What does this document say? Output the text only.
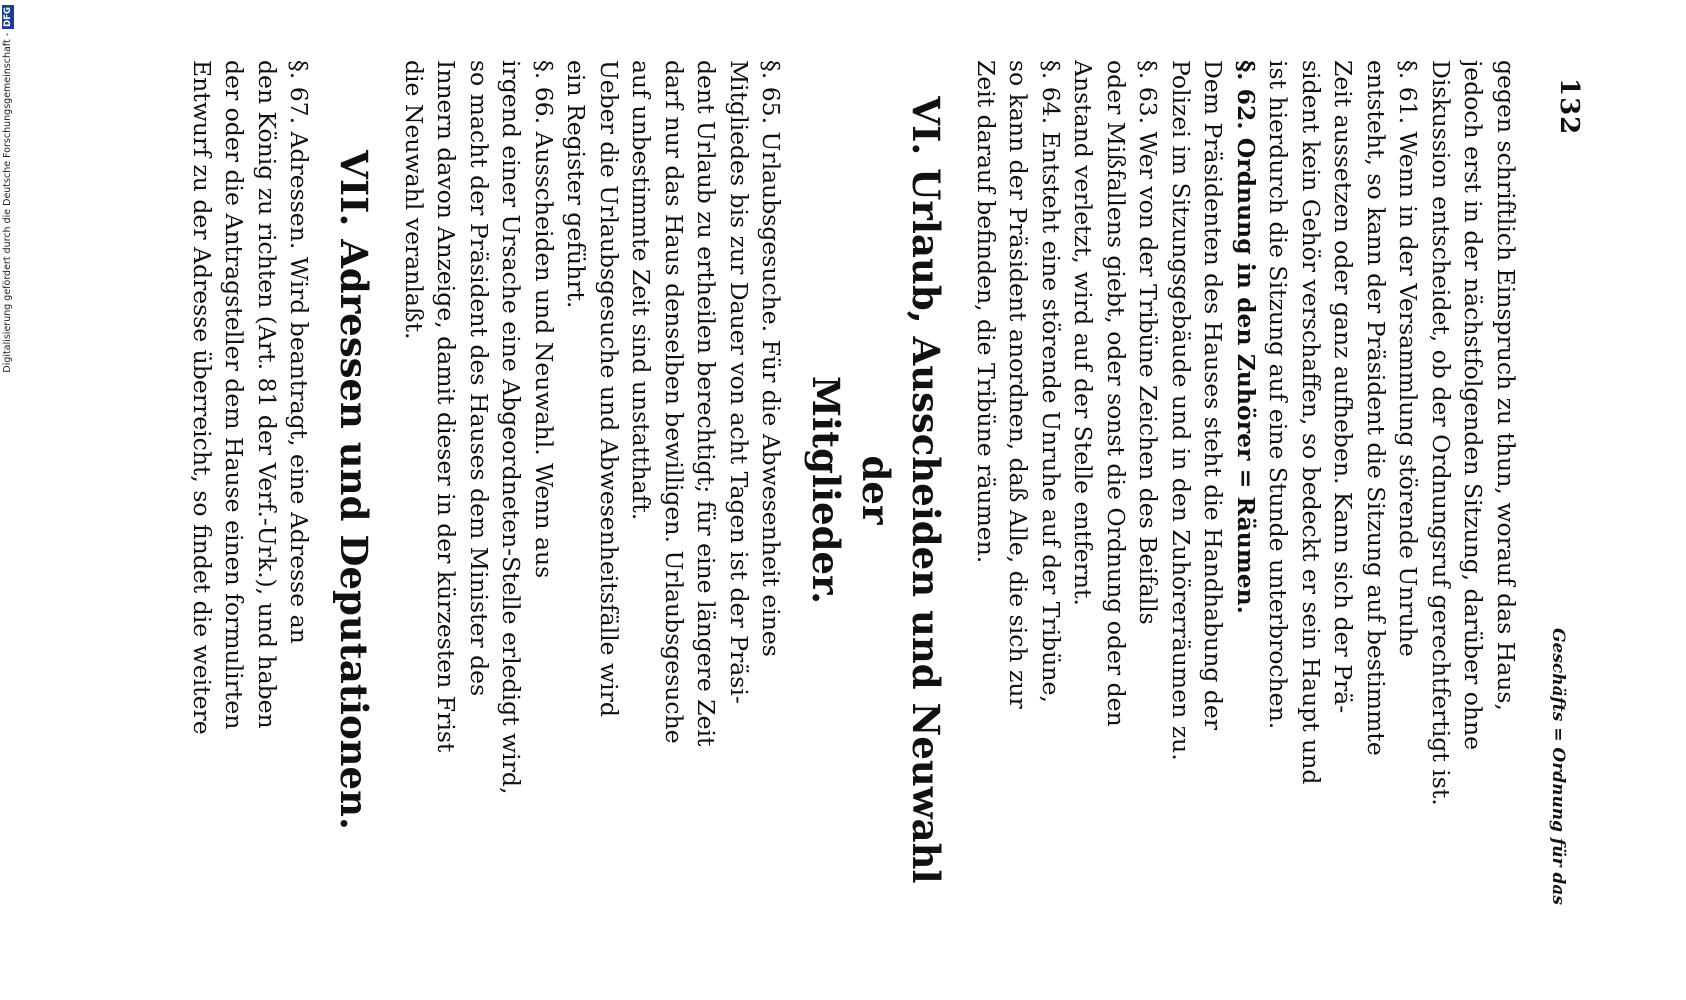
Digitalisierung gefördert durch die Deutsche Forschungsgemeinschaft -DFG
132
Geschäfts = Ordnung für das
gegen schriftlich Einspruch zu thun, worauf das Haus,
jedoch erst in der nächstfolgenden Sitzung, darüber ohne
Diskussion entscheidet, ob der Ordnungsruf gerechtfertigt ist.
§. 61. Wenn in der Versammlung störende Unruhe
entsteht, so kann der Präsident die Sitzung auf bestimmte
Zeit aussetzen oder ganz aufheben. Kann sich der Prä-
sident kein Gehör verschaffen, so bedeckt er sein Haupt und
ist hierdurch die Sitzung auf eine Stunde unterbrochen.
§. 62. Ordnung in den Zuhörer = Räumen.
Dem Präsidenten des Hauses steht die Handhabung der
Polizei im Sitzungsgebäude und in den Zuhörerräumen zu.
§. 63. Wer von der Tribüne Zeichen des Beifalls
oder Mißfallens giebt, oder sonst die Ordnung oder den
Anstand verletzt, wird auf der Stelle entfernt.
§. 64. Entsteht eine störende Unruhe auf der Tribüne,
so kann der Präsident anordnen, daß Alle, die sich zur
Zeit darauf befinden, die Tribüne räumen.
VI. Urlaub, Ausscheiden und Neuwahl der
Mitglieder.
§. 65. Urlaubsgesuche. Für die Abwesenheit eines
Mitgliedes bis zur Dauer von acht Tagen ist der Präsi-
dent Urlaub zu ertheilen berechtigt; für eine längere Zeit
darf nur das Haus denselben bewilligen. Urlaubsgesuche
auf unbestimmte Zeit sind unstatthaft.
Ueber die Urlaubsgesuche und Abwesenheitsfälle wird
ein Register geführt.
§. 66. Ausscheiden und Neuwahl. Wenn aus
irgend einer Ursache eine Abgeordneten-Stelle erledigt wird,
so macht der Präsident des Hauses dem Minister des
Innern davon Anzeige, damit dieser in der kürzesten Frist
die Neuwahl veranlaßt.
VII. Adressen und Deputationen.
§. 67. Adressen. Wird beantragt, eine Adresse an
den König zu richten (Art. 81 der Verf.-Urk.), und haben
der oder die Antragsteller dem Hause einen formulirten
Entwurf zu der Adresse überreicht, so findet die weitere
